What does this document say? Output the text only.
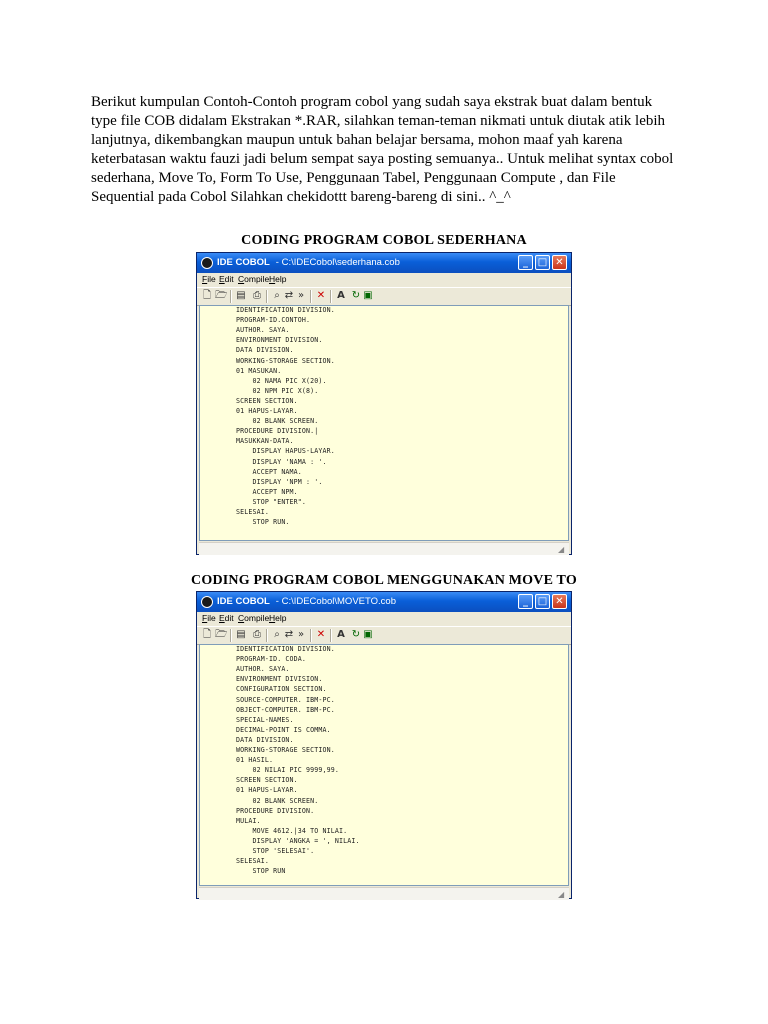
Berikut kumpulan Contoh-Contoh program cobol yang sudah saya ekstrak buat dalam bentuk
type file COB didalam Ekstrakan *.RAR, silahkan teman-teman nikmati untuk diutak atik lebih
lanjutnya, dikembangkan maupun untuk bahan belajar bersama, mohon maaf yah karena
keterbatasan waktu fauzi jadi belum sempat saya posting semuanya.. Untuk melihat syntax cobol
sederhana, Move To, Form To Use, Penggunaan Tabel, Penggunaan Compute , dan File
Sequential pada Cobol Silahkan chekidottt bareng-bareng di sini.. ^_^
CODING PROGRAM COBOL SEDERHANA
IDE COBOL - C:\IDECobol\sederhana.cob	_ □ ✕
File Edit Compile Help
🗋 🗁 ▤ ⎙	⌕ ⇄ » ✕ A ↻ ▣
IDENTIFICATION DIVISION.
PROGRAM-ID.CONTOH.
AUTHOR. SAYA.
ENVIRONMENT DIVISION.
DATA DIVISION.
WORKING-STORAGE SECTION.
01 MASUKAN.
02 NAMA PIC X(20).
02 NPM PIC X(8).
SCREEN SECTION.
01 HAPUS-LAYAR.
02 BLANK SCREEN.
PROCEDURE DIVISION.|
MASUKKAN-DATA.
DISPLAY HAPUS-LAYAR.
DISPLAY 'NAMA : '.
ACCEPT NAMA.
DISPLAY 'NPM : '.
ACCEPT NPM.
STOP "ENTER".
SELESAI.
STOP RUN.
◢
CODING PROGRAM COBOL MENGGUNAKAN MOVE TO
IDE COBOL - C:\IDECobol\MOVETO.cob	_ □ ✕
File Edit Compile Help
🗋 🗁 ▤ ⎙	⌕ ⇄ » ✕ A ↻ ▣
IDENTIFICATION DIVISION.
PROGRAM-ID. CODA.
AUTHOR. SAYA.
ENVIRONMENT DIVISION.
CONFIGURATION SECTION.
SOURCE-COMPUTER. IBM-PC.
OBJECT-COMPUTER. IBM-PC.
SPECIAL-NAMES.
DECIMAL-POINT IS COMMA.
DATA DIVISION.
WORKING-STORAGE SECTION.
01 HASIL.
02 NILAI PIC 9999,99.
SCREEN SECTION.
01 HAPUS-LAYAR.
02 BLANK SCREEN.
PROCEDURE DIVISION.
MULAI.
MOVE 4612.|34 TO NILAI.
DISPLAY 'ANGKA = ', NILAI.
STOP 'SELESAI'.
SELESAI.
STOP RUN
◢
